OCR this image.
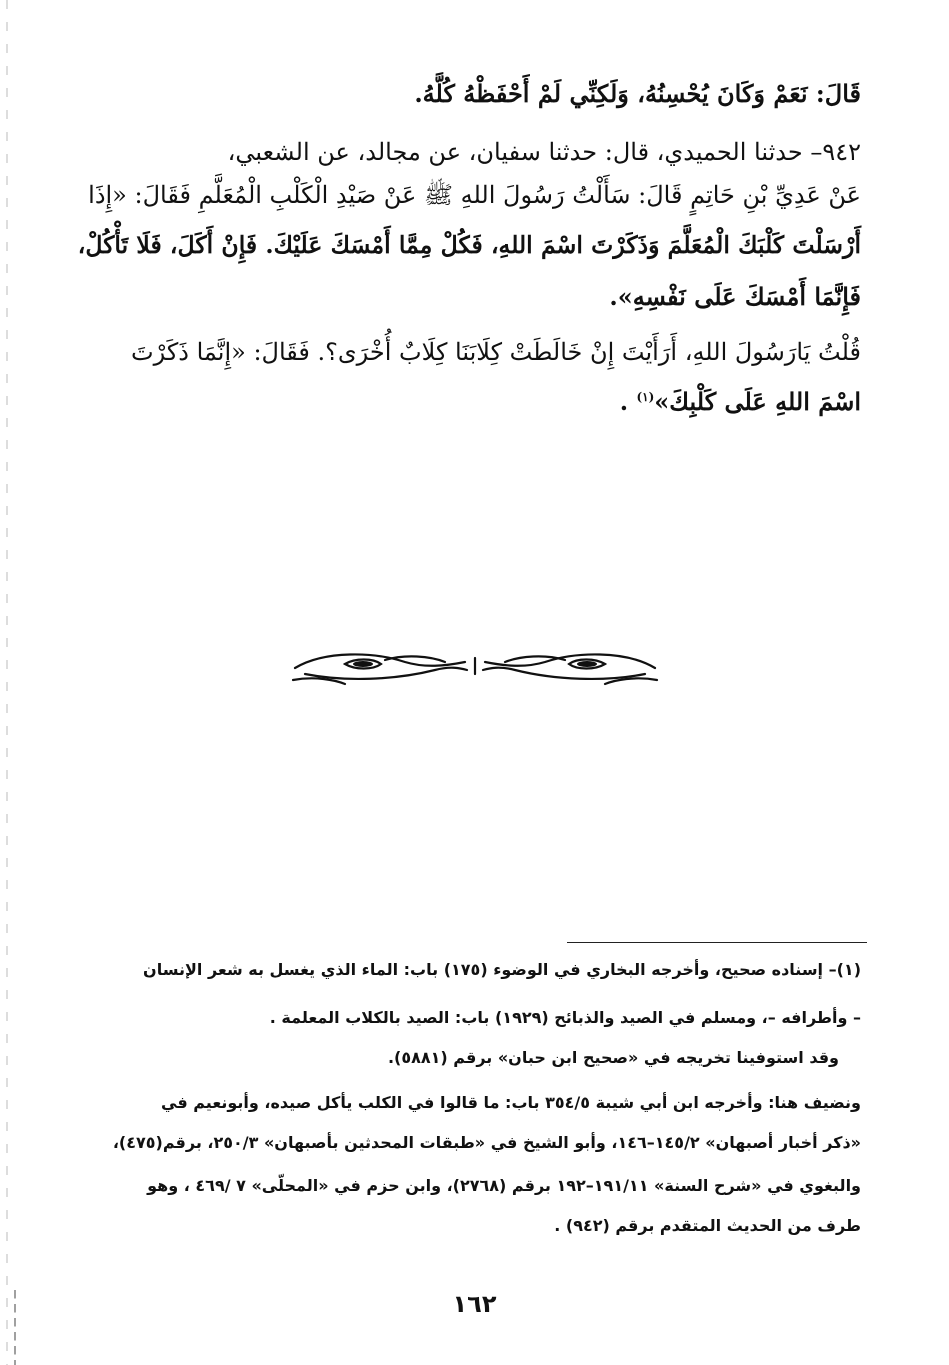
قَالَ: نَعَمْ وَكَانَ يُحْسِنُهُ، وَلَكِنِّي لَمْ أَحْفَظْهُ كُلَّهُ.
٩٤٢– حدثنا الحميدي، قال: حدثنا سفيان، عن مجالد، عن الشعبي،
عَنْ عَدِيِّ بْنِ حَاتِمٍ قَالَ: سَأَلْتُ رَسُولَ اللهِ ﷺ عَنْ صَيْدِ الْكَلْبِ الْمُعَلَّمِ فَقَالَ: «إِذَا
أَرْسَلْتَ كَلْبَكَ الْمُعَلَّمَ وَذَكَرْتَ اسْمَ اللهِ، فَكُلْ مِمَّا أَمْسَكَ عَلَيْكَ. فَإِنْ أَكَلَ، فَلَا تَأْكُلْ،
فَإِنَّمَا أَمْسَكَ عَلَى نَفْسِهِ».
قُلْتُ يَارَسُولَ اللهِ، أَرَأَيْتَ إِنْ خَالَطَتْ كِلَابَنَا كِلَابٌ أُخْرَى؟. فَقَالَ: «إِنَّمَا ذَكَرْتَ
اسْمَ اللهِ عَلَى كَلْبِكَ»$^{(١)}$ .
(١)– إسناده صحيح، وأخرجه البخاري في الوضوء (١٧٥) باب: الماء الذي يغسل به شعر الإنسان
– وأطرافه –، ومسلم في الصيد والذبائح (١٩٢٩) باب: الصيد بالكلاب المعلمة .
وقد استوفينا تخريجه في «صحيح ابن حبان» برقم (٥٨٨١).
ونضيف هنا: وأخرجه ابن أبي شيبة ٣٥٤/٥ باب: ما قالوا في الكلب يأكل صيده، وأبونعيم في
«ذكر أخبار أصبهان» ١٤٥/٢–١٤٦، وأبو الشيخ في «طبقات المحدثين بأصبهان» ٢٥٠/٣، برقم(٤٧٥)،
والبغوي في «شرح السنة» ١٩١/١١–١٩٢ برقم (٢٧٦٨)، وابن حزم في «المحلّى» ٧ /٤٦٩ ، وهو
طرف من الحديث المتقدم برقم (٩٤٢) .
١٦٢
